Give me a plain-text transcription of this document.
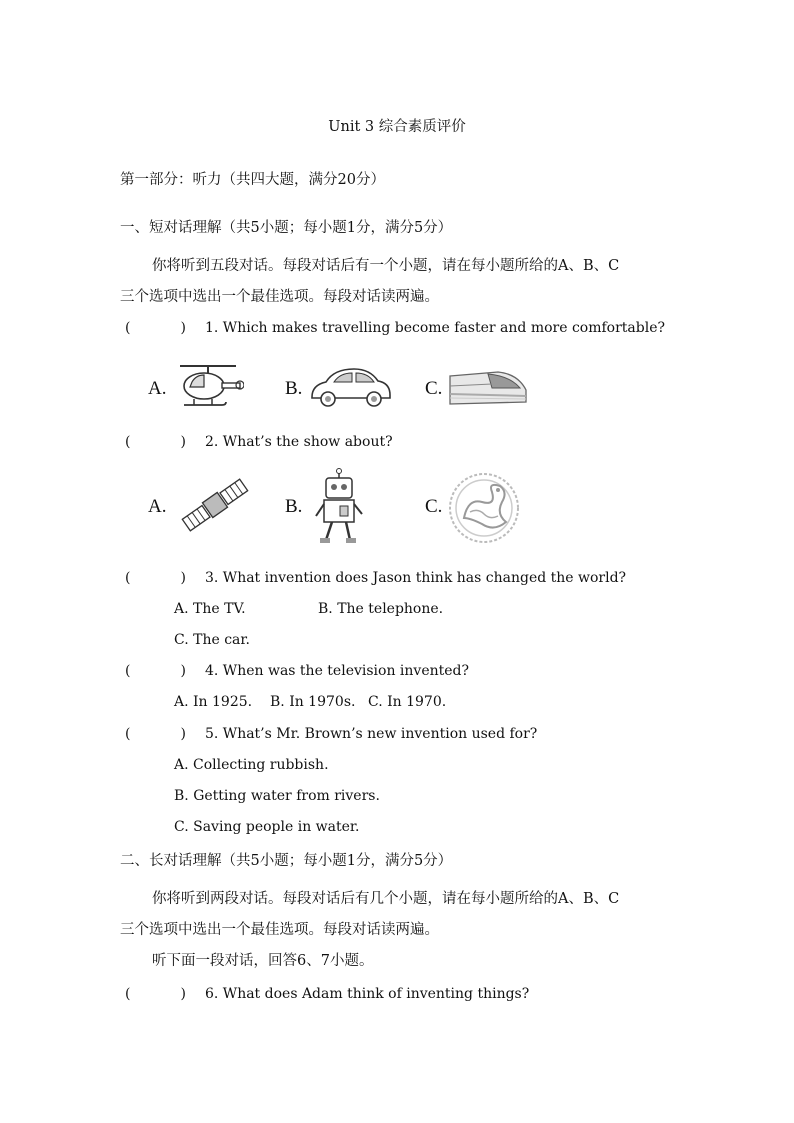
Unit 3 综合素质评价
第一部分：听力（共四大题，满分20分）
一、短对话理解（共5小题；每小题1分，满分5分）
你将听到五段对话。每段对话后有一个小题，请在每小题所给的A、B、C
三个选项中选出一个最佳选项。每段对话读两遍。
(	) 1. Which makes travelling become faster and more comfortable?
A.	B.	C.
(	) 2. What’s the show about?
A.	B.	C.
(	) 3. What invention does Jason think has changed the world?
A. The TV.	B. The telephone.
C. The car.
(	) 4. When was the television invented?
A. In 1925. B. In 1970s. C. In 1970.
(	) 5. What’s Mr. Brown’s new invention used for?
A. Collecting rubbish.
B. Getting water from rivers.
C. Saving people in water.
二、长对话理解（共5小题；每小题1分，满分5分）
你将听到两段对话。每段对话后有几个小题，请在每小题所给的A、B、C
三个选项中选出一个最佳选项。每段对话读两遍。
听下面一段对话，回答6、7小题。
(	) 6. What does Adam think of inventing things?
